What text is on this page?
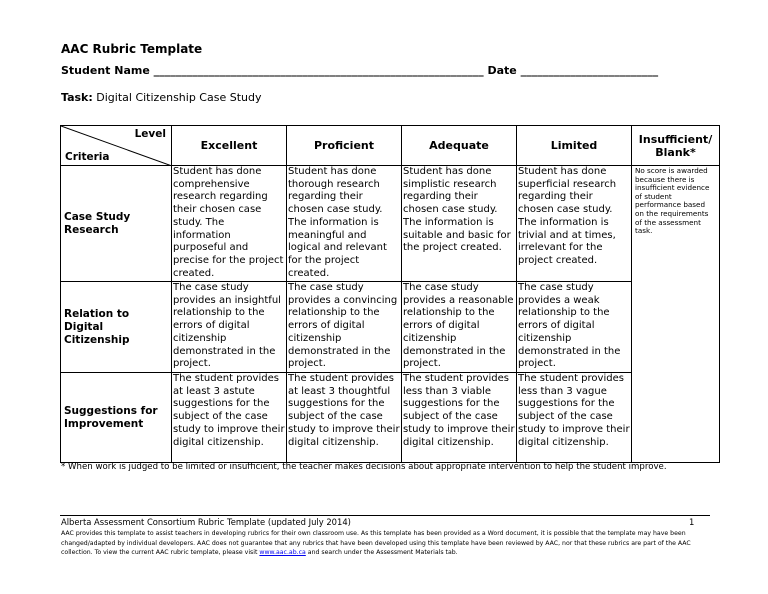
AAC Rubric Template
Student Name ____________________________________________________________ Date _________________________
Task: Digital Citizenship Case Study
Level
Criteria	Excellent	Proficient	Adequate	Limited	Insufficient/ Blank*
Case Study Research	Student has done comprehensive research regarding their chosen case study. The information purposeful and precise for the project created.	Student has done thorough research regarding their chosen case study. The information is meaningful and logical and relevant for the project created.	Student has done simplistic research regarding their chosen case study. The information is suitable and basic for the project created.	Student has done superficial research regarding their chosen case study. The information is trivial and at times, irrelevant for the project created.	No score is awarded because there is insufficient evidence of student performance based on the requirements of the assessment task.
Relation to Digital Citizenship	The case study provides an insightful relationship to the errors of digital citizenship demonstrated in the project.	The case study provides a convincing relationship to the errors of digital citizenship demonstrated in the project.	The case study provides a reasonable relationship to the errors of digital citizenship demonstrated in the project.	The case study provides a weak relationship to the errors of digital citizenship demonstrated in the project.	
Suggestions for Improvement	The student provides at least 3 astute suggestions for the subject of the case study to improve their digital citizenship.	The student provides at least 3 thoughtful suggestions for the subject of the case study to improve their digital citizenship.	The student provides less than 3 viable suggestions for the subject of the case study to improve their digital citizenship.	The student provides less than 3 vague suggestions for the subject of the case study to improve their digital citizenship.	
* When work is judged to be limited or insufficient, the teacher makes decisions about appropriate intervention to help the student improve.
Alberta Assessment Consortium Rubric Template (updated July 2014)	1
AAC provides this template to assist teachers in developing rubrics for their own classroom use. As this template has been provided as a Word document, it is possible that the template may have been changed/adapted by individual developers. AAC does not guarantee that any rubrics that have been developed using this template have been reviewed by AAC, nor that these rubrics are part of the AAC collection. To view the current AAC rubric template, please visit www.aac.ab.ca and search under the Assessment Materials tab.
